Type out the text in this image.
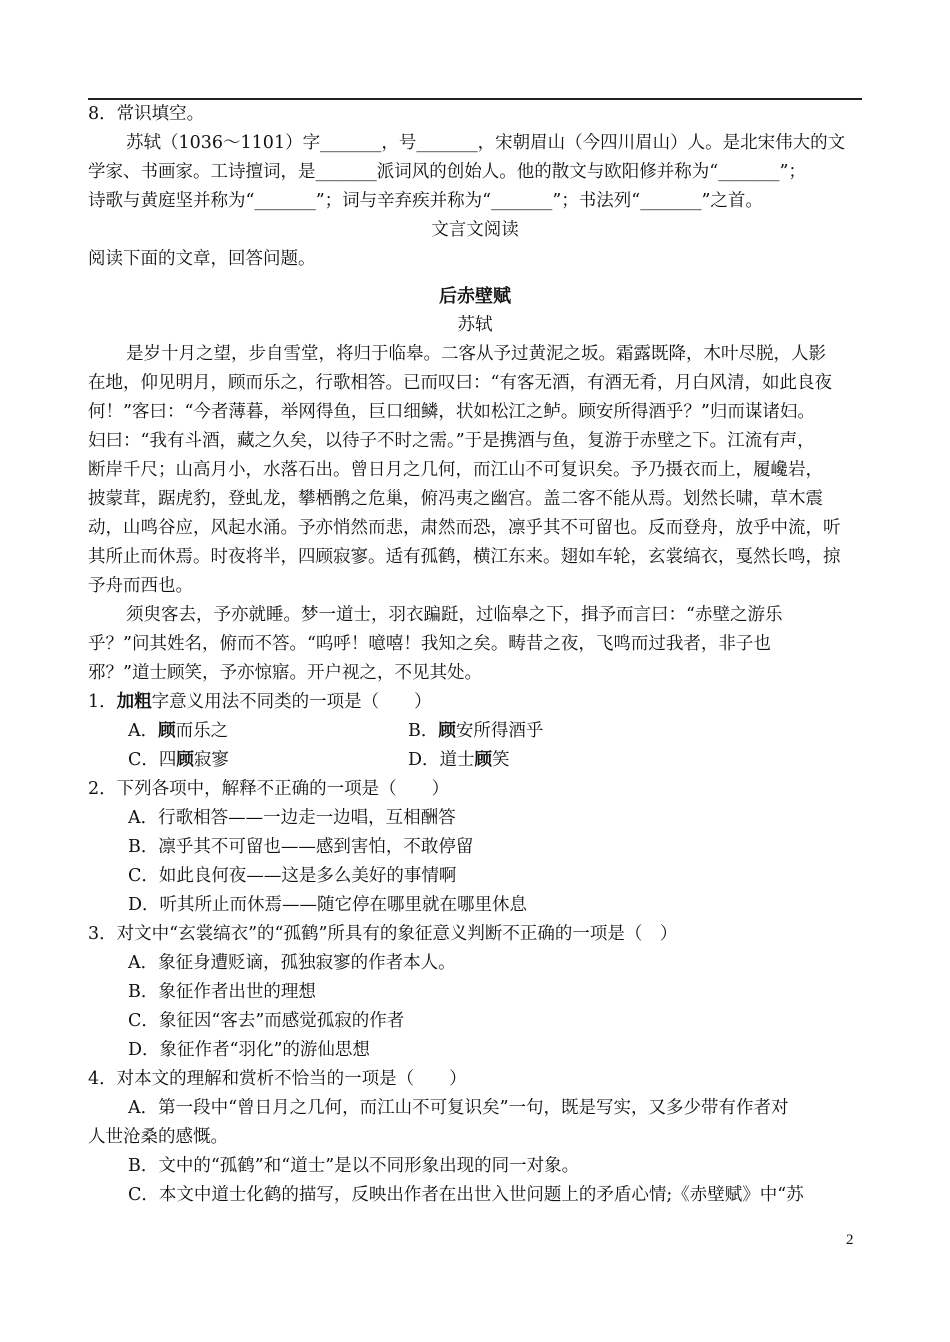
8．常识填空。
苏轼（1036～1101）字_______，号_______，宋朝眉山（今四川眉山）人。是北宋伟大的文
学家、书画家。工诗擅词，是_______派词风的创始人。他的散文与欧阳修并称为“_______”；
诗歌与黄庭坚并称为“_______”；词与辛弃疾并称为“_______”；书法列“_______”之首。
文言文阅读
阅读下面的文章，回答问题。
后赤壁赋
苏轼
是岁十月之望，步自雪堂，将归于临皋。二客从予过黄泥之坂。霜露既降，木叶尽脱，人影
在地，仰见明月，顾而乐之，行歌相答。已而叹曰：“有客无酒，有酒无肴，月白风清，如此良夜
何！”客曰：“今者薄暮，举网得鱼，巨口细鳞，状如松江之鲈。顾安所得酒乎？”归而谋诸妇。
妇曰：“我有斗酒，藏之久矣，以待子不时之需。”于是携酒与鱼，复游于赤壁之下。江流有声，
断岸千尺；山高月小，水落石出。曾日月之几何，而江山不可复识矣。予乃摄衣而上，履巉岩，
披蒙茸，踞虎豹，登虬龙，攀栖鹘之危巢，俯冯夷之幽宫。盖二客不能从焉。划然长啸，草木震
动，山鸣谷应，风起水涌。予亦悄然而悲，肃然而恐，凛乎其不可留也。反而登舟，放乎中流，听
其所止而休焉。时夜将半，四顾寂寥。适有孤鹤，横江东来。翅如车轮，玄裳缟衣，戛然长鸣，掠
予舟而西也。
须臾客去，予亦就睡。梦一道士，羽衣蹁跹，过临皋之下，揖予而言曰：“赤壁之游乐
乎？”问其姓名，俯而不答。“呜呼！噫嘻！我知之矣。畴昔之夜，飞鸣而过我者，非子也
邪？”道士顾笑，予亦惊寤。开户视之，不见其处。
1．加粗字意义用法不同类的一项是（　　）
A．顾而乐之	B．顾安所得酒乎
C．四顾寂寥	D．道士顾笑
2．下列各项中，解释不正确的一项是（　　）
A．行歌相答——一边走一边唱，互相酬答
B．凛乎其不可留也——感到害怕，不敢停留
C．如此良何夜——这是多么美好的事情啊
D．听其所止而休焉——随它停在哪里就在哪里休息
3．对文中“玄裳缟衣”的“孤鹤”所具有的象征意义判断不正确的一项是（　）
A．象征身遭贬谪，孤独寂寥的作者本人。
B．象征作者出世的理想
C．象征因“客去”而感觉孤寂的作者
D．象征作者“羽化”的游仙思想
4．对本文的理解和赏析不恰当的一项是（　　）
A．第一段中“曾日月之几何，而江山不可复识矣”一句，既是写实，又多少带有作者对
人世沧桑的感慨。
B．文中的“孤鹤”和“道士”是以不同形象出现的同一对象。
C．本文中道士化鹤的描写，反映出作者在出世入世问题上的矛盾心情;《赤壁赋》中“苏
2
